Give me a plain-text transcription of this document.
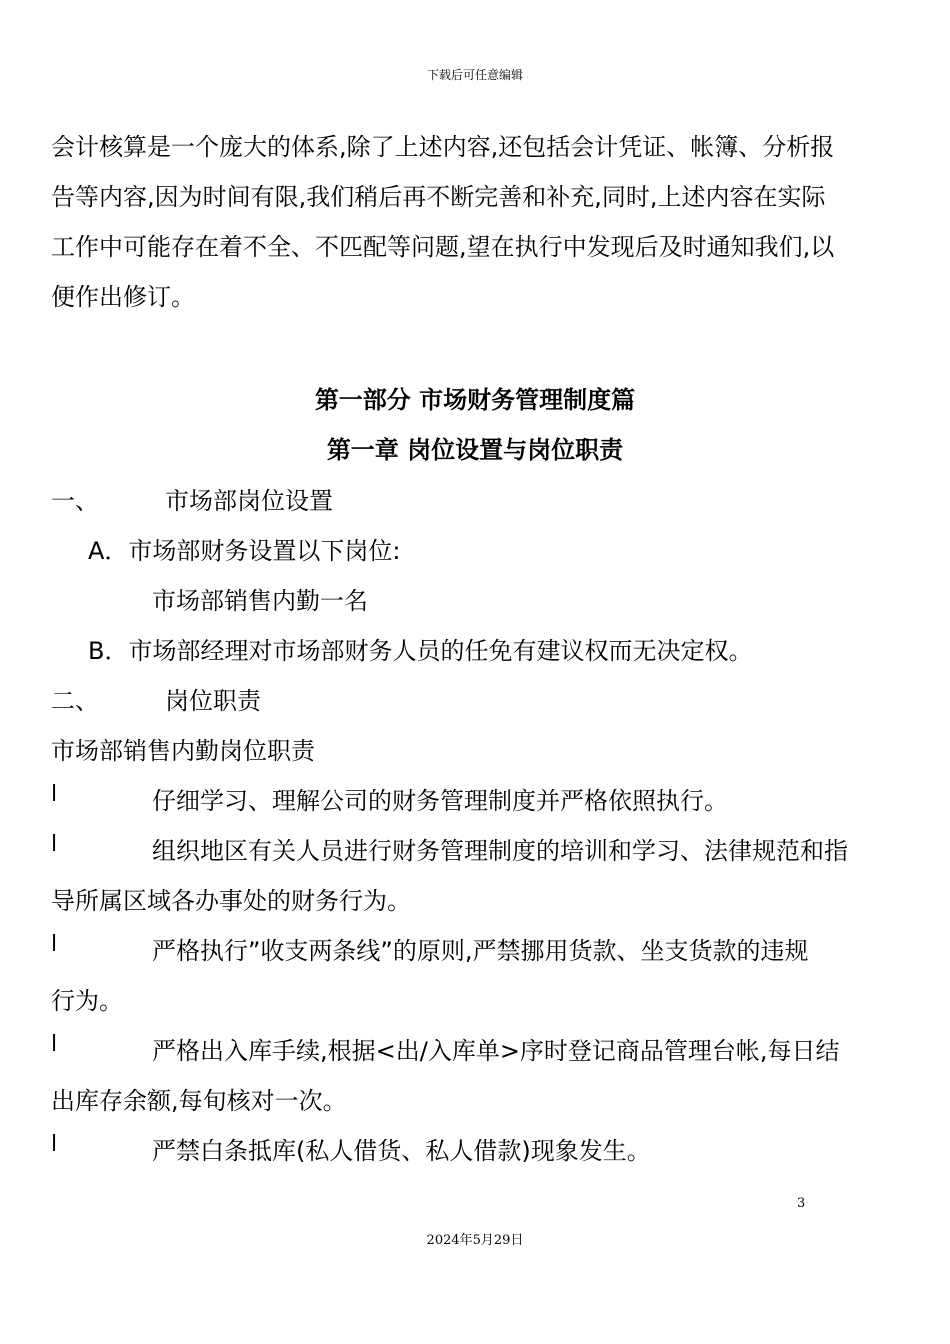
下载后可任意编辑
会计核算是一个庞大的体系,除了上述内容,还包括会计凭证、帐簿、分析报
告等内容,因为时间有限,我们稍后再不断完善和补充,同时,上述内容在实际
工作中可能存在着不全、不匹配等问题,望在执行中发现后及时通知我们,以
便作出修订。
第一部分 市场财务管理制度篇
第一章 岗位设置与岗位职责
一、	市场部岗位设置
A．市场部财务设置以下岗位:
市场部销售内勤一名
B．市场部经理对市场部财务人员的任免有建议权而无决定权。
二、	岗位职责
市场部销售内勤岗位职责
l	仔细学习、理解公司的财务管理制度并严格依照执行。
l	组织地区有关人员进行财务管理制度的培训和学习、法律规范和指
导所属区域各办事处的财务行为。
l	严格执行”收支两条线”的原则,严禁挪用货款、坐支货款的违规
行为。
l	严格出入库手续,根据<出/入库单>序时登记商品管理台帐,每日结
出库存余额,每旬核对一次。
l	严禁白条抵库(私人借货、私人借款)现象发生。
3
2024年5月29日
